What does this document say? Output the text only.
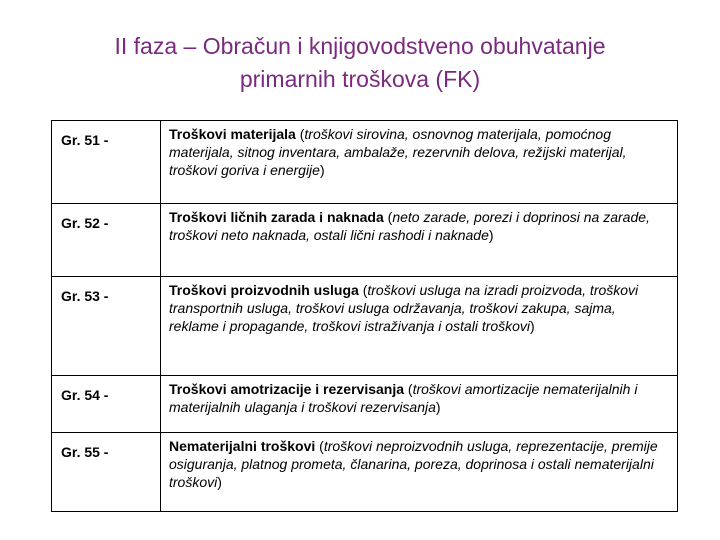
II faza – Obračun i knjigovodstveno obuhvatanje
primarnih troškova (FK)
Gr. 51 -	Troškovi materijala (troškovi sirovina, osnovnog materijala, pomoćnog materijala, sitnog inventara, ambalaže, rezervnih delova, režijski materijal, troškovi goriva i energije)
Gr. 52 -	Troškovi ličnih zarada i naknada (neto zarade, porezi i doprinosi na zarade, troškovi neto naknada, ostali lični rashodi i naknade)
Gr. 53 -	Troškovi proizvodnih usluga (troškovi usluga na izradi proizvoda, troškovi transportnih usluga, troškovi usluga održavanja, troškovi zakupa, sajma, reklame i propagande, troškovi istraživanja i ostali troškovi)
Gr. 54 -	Troškovi amotrizacije i rezervisanja (troškovi amortizacije nematerijalnih i materijalnih ulaganja i troškovi rezervisanja)
Gr. 55 -	Nematerijalni troškovi (troškovi neproizvodnih usluga, reprezentacije, premije osiguranja, platnog prometa, članarina, poreza, doprinosa i ostali nematerijalni troškovi)
